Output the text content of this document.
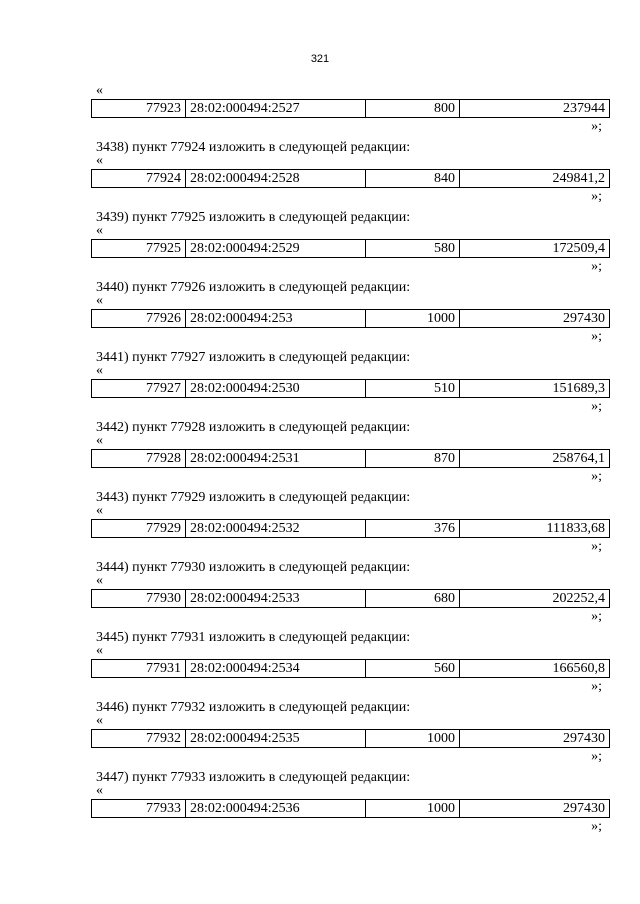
321
«
77923	28:02:000494:2527	800	237944
»;
3438) пункт 77924 изложить в следующей редакции:
«
77924	28:02:000494:2528	840	249841,2
»;
3439) пункт 77925 изложить в следующей редакции:
«
77925	28:02:000494:2529	580	172509,4
»;
3440) пункт 77926 изложить в следующей редакции:
«
77926	28:02:000494:253	1000	297430
»;
3441) пункт 77927 изложить в следующей редакции:
«
77927	28:02:000494:2530	510	151689,3
»;
3442) пункт 77928 изложить в следующей редакции:
«
77928	28:02:000494:2531	870	258764,1
»;
3443) пункт 77929 изложить в следующей редакции:
«
77929	28:02:000494:2532	376	111833,68
»;
3444) пункт 77930 изложить в следующей редакции:
«
77930	28:02:000494:2533	680	202252,4
»;
3445) пункт 77931 изложить в следующей редакции:
«
77931	28:02:000494:2534	560	166560,8
»;
3446) пункт 77932 изложить в следующей редакции:
«
77932	28:02:000494:2535	1000	297430
»;
3447) пункт 77933 изложить в следующей редакции:
«
77933	28:02:000494:2536	1000	297430
»;
